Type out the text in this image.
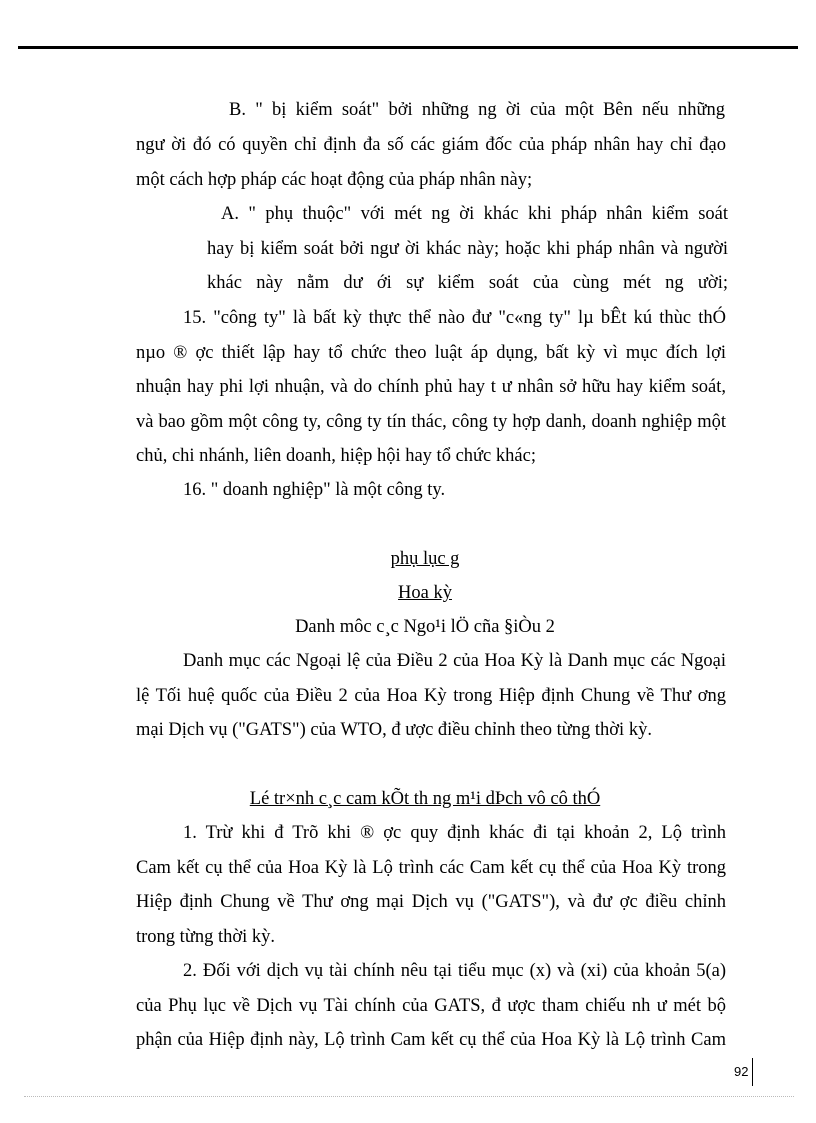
B. " bị kiểm soát" bởi những ng ời của một Bên nếu những
ngư ời đó có quyền chỉ định đa số các giám đốc của pháp nhân hay chỉ đạo
một cách hợp pháp các hoạt động của pháp nhân này;
A. " phụ thuộc" với mét ng ời khác khi pháp nhân kiểm soát
hay bị kiểm soát bởi ngư ời khác này; hoặc khi pháp nhân và người
khác này nằm dư ới sự kiểm soát của cùng mét ng ười;
15. "công ty" là bất kỳ thực thể nào đư "c«ng ty" lµ bÊt kú thùc thÓ
nµo ® ợc thiết lập hay tổ chức theo luật áp dụng, bất kỳ vì mục đích lợi
nhuận hay phi lợi nhuận, và do chính phủ hay t ư nhân sở hữu hay kiểm soát,
và bao gồm một công ty, công ty tín thác, công ty hợp danh, doanh nghiệp một
chủ, chi nhánh, liên doanh, hiệp hội hay tổ chức khác;
16. " doanh nghiệp" là một công ty.
phụ lục g
Hoa kỳ
Danh môc c¸c Ngo¹i lÖ cña §iÒu 2
Danh mục các Ngoại lệ của Điều 2 của Hoa Kỳ là Danh mục các Ngoại
lệ Tối huệ quốc của Điều 2 của Hoa Kỳ trong Hiệp định Chung về Thư ơng
mại Dịch vụ ("GATS") của WTO, đ ược điều chỉnh theo từng thời kỳ.
Lé tr×nh c¸c cam kÕt th ng m¹i dÞch vô cô thÓ
1. Trừ khi đ Trõ khi ® ợc quy định khác đi tại khoản 2, Lộ trình
Cam kết cụ thể của Hoa Kỳ là Lộ trình các Cam kết cụ thể của Hoa Kỳ trong
Hiệp định Chung về Thư ơng mại Dịch vụ ("GATS"), và đư ợc điều chỉnh
trong từng thời kỳ.
2. Đối với dịch vụ tài chính nêu tại tiểu mục (x) và (xi) của khoản 5(a)
của Phụ lục về Dịch vụ Tài chính của GATS, đ ược tham chiếu nh ư mét bộ
phận của Hiệp định này, Lộ trình Cam kết cụ thể của Hoa Kỳ là Lộ trình Cam
92
